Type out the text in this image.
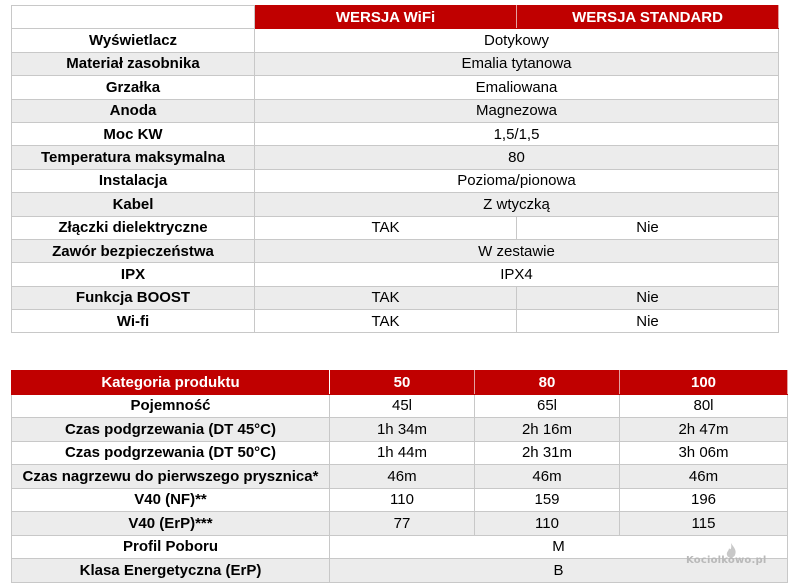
	WERSJA WiFi	WERSJA STANDARD
Wyświetlacz	Dotykowy	
Materiał zasobnika	Emalia tytanowa	
Grzałka	Emaliowana	
Anoda	Magnezowa	
Moc KW	1,5/1,5	
Temperatura maksymalna	80	
Instalacja	Pozioma/pionowa	
Kabel	Z wtyczką	
Złączki dielektryczne	TAK	Nie
Zawór bezpieczeństwa	W zestawie	
IPX	IPX4	
Funkcja BOOST	TAK	Nie
Wi-fi	TAK	Nie
Kategoria produktu	50	80	100
Pojemność	45l	65l	80l
Czas podgrzewania (DT 45°C)	1h 34m	2h 16m	2h 47m
Czas podgrzewania (DT 50°C)	1h 44m	2h 31m	3h 06m
Czas nagrzewu do pierwszego prysznica*	46m	46m	46m
V40 (NF)**	110	159	196
V40 (ErP)***	77	110	115
Profil Poboru	M		
Klasa Energetyczna (ErP)	B		
Kociolkowo.pl
